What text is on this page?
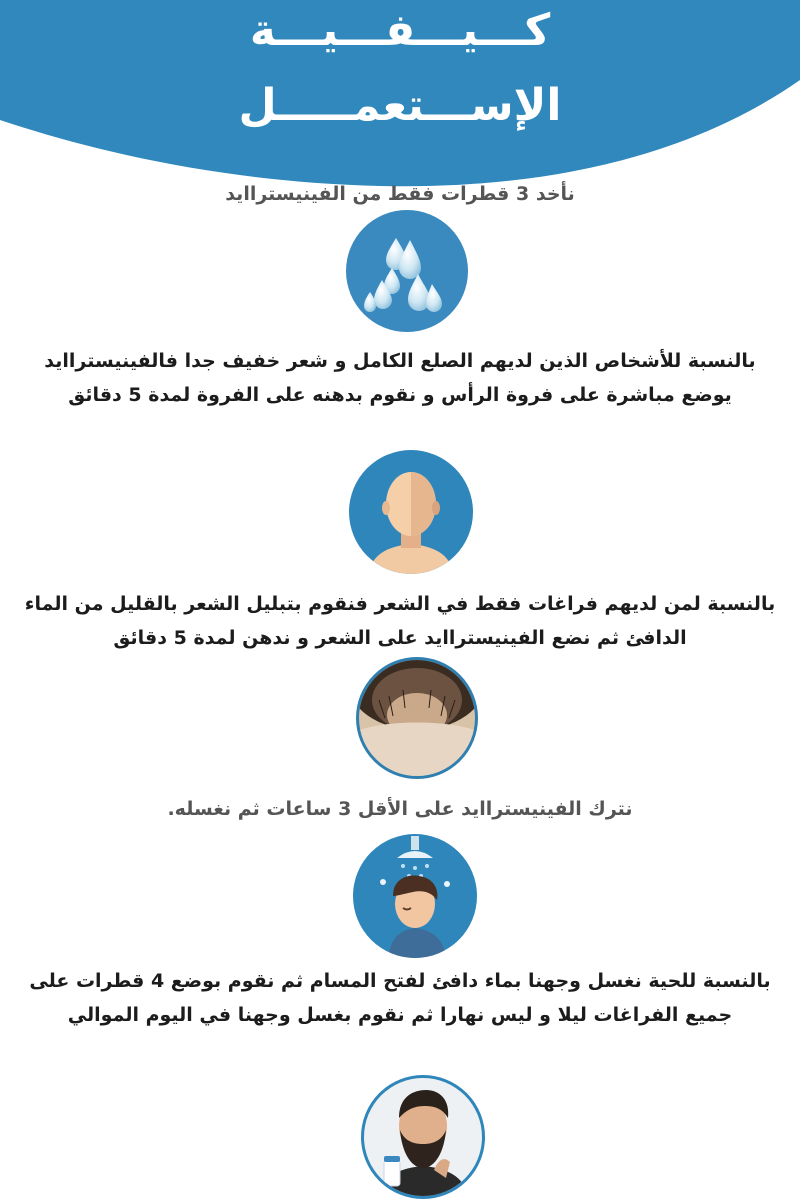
كـــيـــفـــيـــة
الإســـتعمـــــل
نأخد 3 قطرات فقط من الفينيستراايد
بالنسبة للأشخاص الذين لديهم الصلع الكامل و شعر خفيف جدا فالفينيستراايد يوضع مباشرة على فروة الرأس و نقوم بدهنه على الفروة لمدة 5 دقائق
بالنسبة لمن لديهم فراغات فقط في الشعر فنقوم بتبليل الشعر بالقليل من الماء الدافئ ثم نضع الفينيستراايد على الشعر و ندهن لمدة 5 دقائق
نترك الفينيستراايد على الأقل 3 ساعات ثم نغسله.
بالنسبة للحية نغسل وجهنا بماء دافئ لفتح المسام ثم نقوم بوضع 4 قطرات على جميع الفراغات ليلا و ليس نهارا ثم نقوم بغسل وجهنا في اليوم الموالي
